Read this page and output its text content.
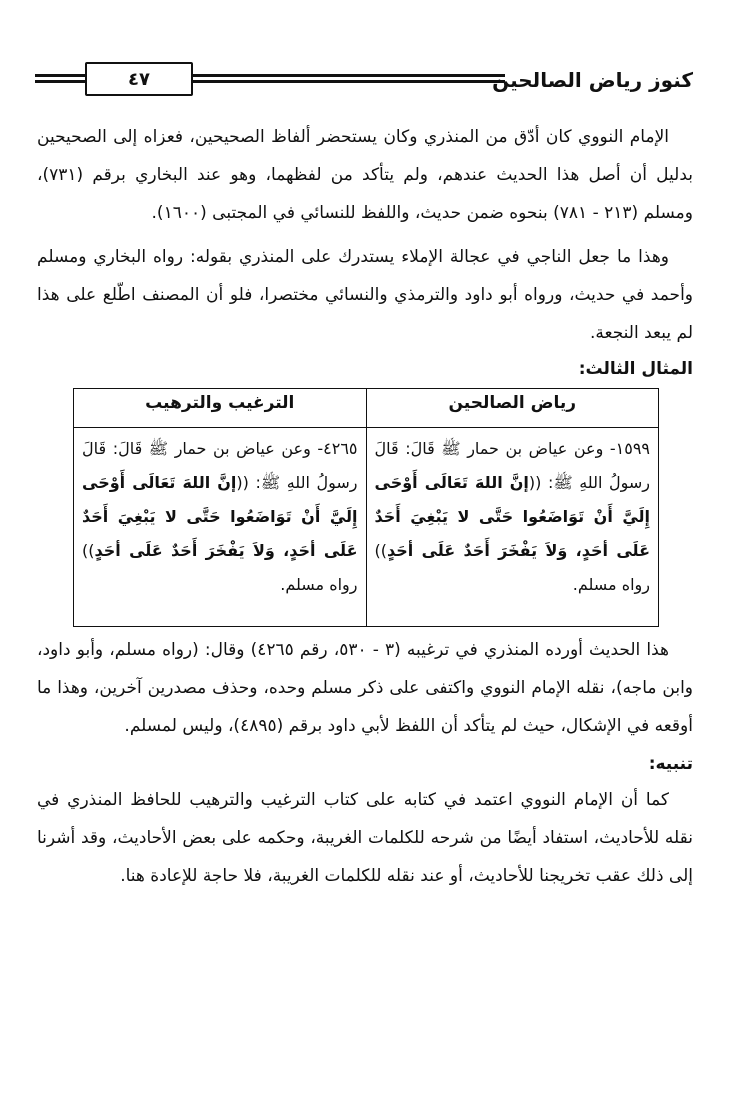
كنوز رياض الصالحين
٤٧

الإمام النووي كان أدّق من المنذري وكان يستحضر ألفاظ الصحيحين، فعزاه إلى الصحيحين بدليل أن أصل هذا الحديث عندهم، ولم يتأكد من لفظهما، وهو عند البخاري برقم (٧٣١)، ومسلم (٢١٣ - ٧٨١) بنحوه ضمن حديث، واللفظ للنسائي في المجتبى (١٦٠٠).

وهذا ما جعل الناجي في عجالة الإملاء يستدرك على المنذري بقوله: رواه البخاري ومسلم وأحمد في حديث، ورواه أبو داود والترمذي والنسائي مختصرا، فلو أن المصنف اطّلع على هذا لم يبعد النجعة.

المثال الثالث:

رياض الصالحين	الترغيب والترهيب
١٥٩٩- وعن عياض بن حمار ﷺ قَالَ: قَالَ رسولُ اللهِ ﷺ: ((إنَّ اللهَ تَعَالَى أَوْحَى إِلَيَّ أَنْ تَوَاضَعُوا حَتَّى لا يَبْغِيَ أَحَدٌ عَلَى أحَدٍ، وَلاَ يَفْخَرَ أَحَدٌ عَلَى أحَدٍ)) رواه مسلم.	٤٢٦٥- وعن عياض بن حمار ﷺ قَالَ: قَالَ رسولُ اللهِ ﷺ: ((إنَّ اللهَ تَعَالَى أَوْحَى إِلَيَّ أَنْ تَوَاضَعُوا حَتَّى لا يَبْغِيَ أَحَدٌ عَلَى أحَدٍ، وَلاَ يَفْخَرَ أَحَدٌ عَلَى أحَدٍ)) رواه مسلم.

هذا الحديث أورده المنذري في ترغيبه (٣ - ٥٣٠، رقم ٤٢٦٥) وقال: (رواه مسلم، وأبو داود، وابن ماجه)، نقله الإمام النووي واكتفى على ذكر مسلم وحده، وحذف مصدرين آخرين، وهذا ما أوقعه في الإشكال، حيث لم يتأكد أن اللفظ لأبي داود برقم (٤٨٩٥)، وليس لمسلم.

تنبيه:

كما أن الإمام النووي اعتمد في كتابه على كتاب الترغيب والترهيب للحافظ المنذري في نقله للأحاديث، استفاد أيضًا من شرحه للكلمات الغريبة، وحكمه على بعض الأحاديث، وقد أشرنا إلى ذلك عقب تخريجنا للأحاديث، أو عند نقله للكلمات الغريبة، فلا حاجة للإعادة هنا.
